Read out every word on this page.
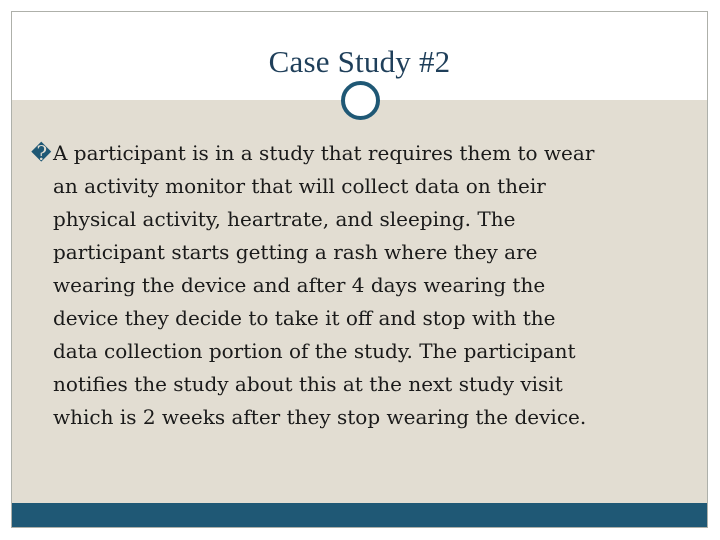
Case Study #2
�A participant is in a study that requires them to wear
an activity monitor that will collect data on their
physical activity, heartrate, and sleeping. The
participant starts getting a rash where they are
wearing the device and after 4 days wearing the
device they decide to take it off and stop with the
data collection portion of the study. The participant
notifies the study about this at the next study visit
which is 2 weeks after they stop wearing the device.
